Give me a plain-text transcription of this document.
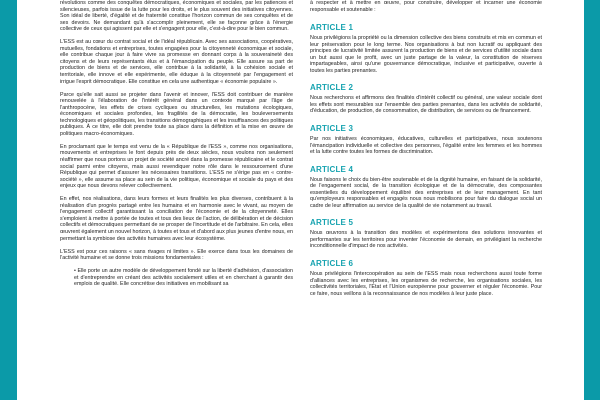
révolutions comme des conquêtes démocratiques, économiques et sociales, par les patiences et silencieuses, parfois issue de la lutte pour les droits, et le plus souvent des initiatives citoyennes. Son idéal de liberté, d'égalité et de fraternité constitue l'horizon commun de ses conquêtes et de ses devoirs. Ne demandant qu'à s'accomplir pleinement, elle se façonne grâce à l'énergie collective de ceux qui agissent par elle et s'engagent pour elle, c'est-à-dire pour le bien commun.

L'ESS est au cœur du contrat social et de l'idéal républicain. Avec ses associations, coopératives, mutuelles, fondations et entreprises, toutes engagées pour la citoyenneté économique et sociale, elle contribue chaque jour à faire vivre sa promesse en donnant corps à la souveraineté des citoyens et de leurs représentants élus et à l'émancipation du peuple. Elle assure sa part de production de biens et de services, elle contribue à la solidarité, à la cohésion sociale et territoriale, elle innove et elle expérimente, elle éduque à la citoyenneté par l'engagement et irrigue l'esprit démocratique. Elle constitue en cela une authentique « économie populaire ».

Parce qu'elle sait aussi se projeter dans l'avenir et innover, l'ESS doit contribuer de manière renouvelée à l'élaboration de l'intérêt général dans un contexte marqué par l'âge de l'anthropocène, les effets de crises cycliques ou structurelles, les mutations écologiques, économiques et sociales profondes, les fragilités de la démocratie, les bouleversements technologiques et géopolitiques, les transitions démographiques et les insuffisances des politiques publiques. À ce titre, elle doit prendre toute sa place dans la définition et la mise en œuvre de politiques macro-économiques.

En proclamant que le temps est venu de la « République de l'ESS », comme nos organisations, mouvements et entreprises le font depuis près de deux siècles, nous voulons non seulement réaffirmer que nous portons un projet de société ancré dans la promesse républicaine et le contrat social parmi entre citoyens, mais aussi revendiquer notre rôle dans le ressourcement d'une République qui permet d'assurer les nécessaires transitions. L'ESS ne s'érige pas en « contre-société », elle assume sa place au sein de la vie politique, économique et sociale du pays et des enjeux que nous devons relever collectivement.

En effet, nos réalisations, dans leurs formes et leurs finalités les plus diverses, contribuent à la réalisation d'un progrès partagé entre les humains et en harmonie avec le vivant, au moyen de l'engagement collectif garantissant la conciliation de l'économie et de la citoyenneté. Elles s'emploient à mettre à portée de toutes et tous des lieux de l'action, de délibération et de décision collectifs et démocratiques permettant de se prosper de l'incertitude et de l'arbitraire. En cela, elles œuvrent également un nouvel horizon, à toutes et tous et d'abord aux plus jeunes d'entre nous, en permettant la symbiose des activités humaines avec leur écosystème.

L'ESS est pour ces raisons « sans rivages ni limites ». Elle exerce dans tous les domaines de l'activité humaine et se donne trois missions fondamentales :

• Elle porte un autre modèle de développement fondé sur la liberté d'adhésion, d'association et d'entreprendre en créant des activités socialement utiles et en cherchant à garantir des emplois de qualité. Elle concrétise des initiatives en mobilisant sa

à respecter et à mettre en œuvre, pour construire, développer et incarner une économie responsable et soutenable :

ARTICLE 1

Nous privilégions la propriété ou la dimension collective des biens construits et mis en commun et leur préservation pour le long terme. Nos organisations à but non lucratif ou appliquant des principes de lucrativité limitée assurent la production de biens et de services d'utilité sociale dans un but aussi que le profit, avec un juste partage de la valeur, la constitution de réserves impartageables, ainsi qu'une gouvernance démocratique, inclusive et participative, ouverte à toutes les parties prenantes.

ARTICLE 2

Nous recherchons et affirmons des finalités d'intérêt collectif ou général, une valeur sociale dont les effets sont mesurables sur l'ensemble des parties prenantes, dans les activités de solidarité, d'éducation, de production, de consommation, de distribution, de services ou de financement.

ARTICLE 3

Par nos initiatives économiques, éducatives, culturelles et participatives, nous soutenons l'émancipation individuelle et collective des personnes, l'égalité entre les femmes et les hommes et la lutte contre toutes les formes de discrimination.

ARTICLE 4

Nous faisons le choix du bien-être soutenable et de la dignité humaine, en faisant de la solidarité, de l'engagement social, de la transition écologique et de la démocratie, des composantes essentielles du développement équilibré des entreprises et de leur management. En tant qu'employeurs responsables et engagés nous nous mobilisons pour faire du dialogue social un cadre de leur affirmation au service de la qualité de vie notamment au travail.

ARTICLE 5

Nous œuvrons à la transition des modèles et expérimentons des solutions innovantes et performantes sur les territoires pour inventer l'économie de demain, en privilégiant la recherche inconditionnelle d'impact de nos activités.

ARTICLE 6

Nous privilégions l'intercoopération au sein de l'ESS mais nous recherchons aussi toute forme d'alliances avec les entreprises, les organismes de recherche, les organisations sociales, les collectivités territoriales, l'État et l'Union européenne pour gouverner et réguler l'économie. Pour ce faire, nous veillons à la reconnaissance de nos modèles à leur juste place.
